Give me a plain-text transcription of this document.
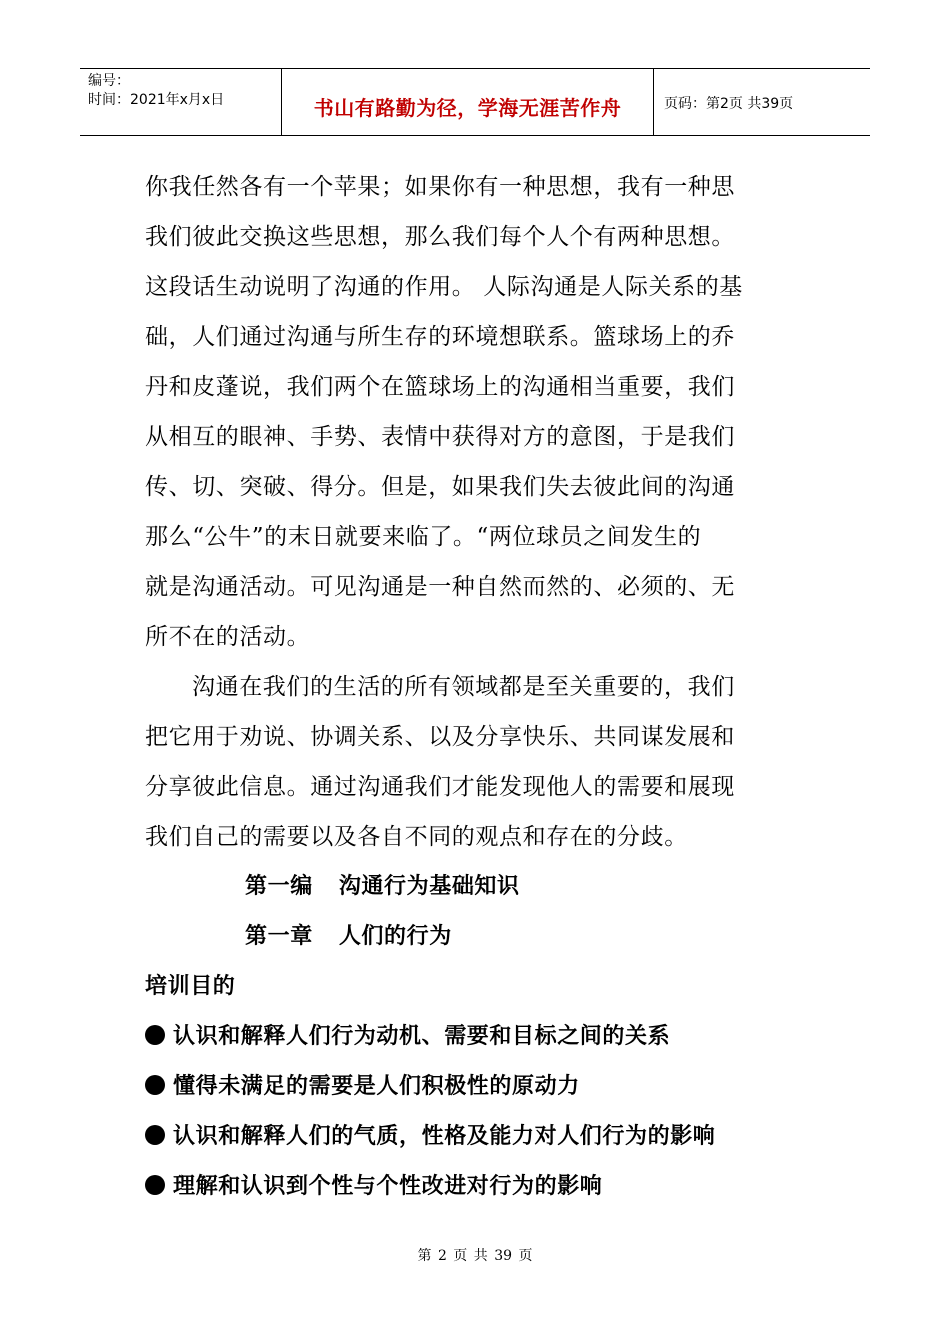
编号：
时间：2021年x月x日	书山有路勤为径，学海无涯苦作舟	页码：第2页 共39页
你我任然各有一个苹果；如果你有一种思想，我有一种思
我们彼此交换这些思想，那么我们每个人个有两种思想。
这段话生动说明了沟通的作用。 人际沟通是人际关系的基
础，人们通过沟通与所生存的环境想联系。篮球场上的乔
丹和皮蓬说，我们两个在篮球场上的沟通相当重要，我们
从相互的眼神、手势、表情中获得对方的意图，于是我们
传、切、突破、得分。但是，如果我们失去彼此间的沟通
那么“公牛”的末日就要来临了。“两位球员之间发生的
就是沟通活动。可见沟通是一种自然而然的、必须的、无
所不在的活动。
沟通在我们的生活的所有领域都是至关重要的，我们
把它用于劝说、协调关系、以及分享快乐、共同谋发展和
分享彼此信息。通过沟通我们才能发现他人的需要和展现
我们自己的需要以及各自不同的观点和存在的分歧。
第一编 沟通行为基础知识
第一章 人们的行为
培训目的
认识和解释人们行为动机、需要和目标之间的关系
懂得未满足的需要是人们积极性的原动力
认识和解释人们的气质，性格及能力对人们行为的影响
理解和认识到个性与个性改进对行为的影响
第 2 页 共 39 页
